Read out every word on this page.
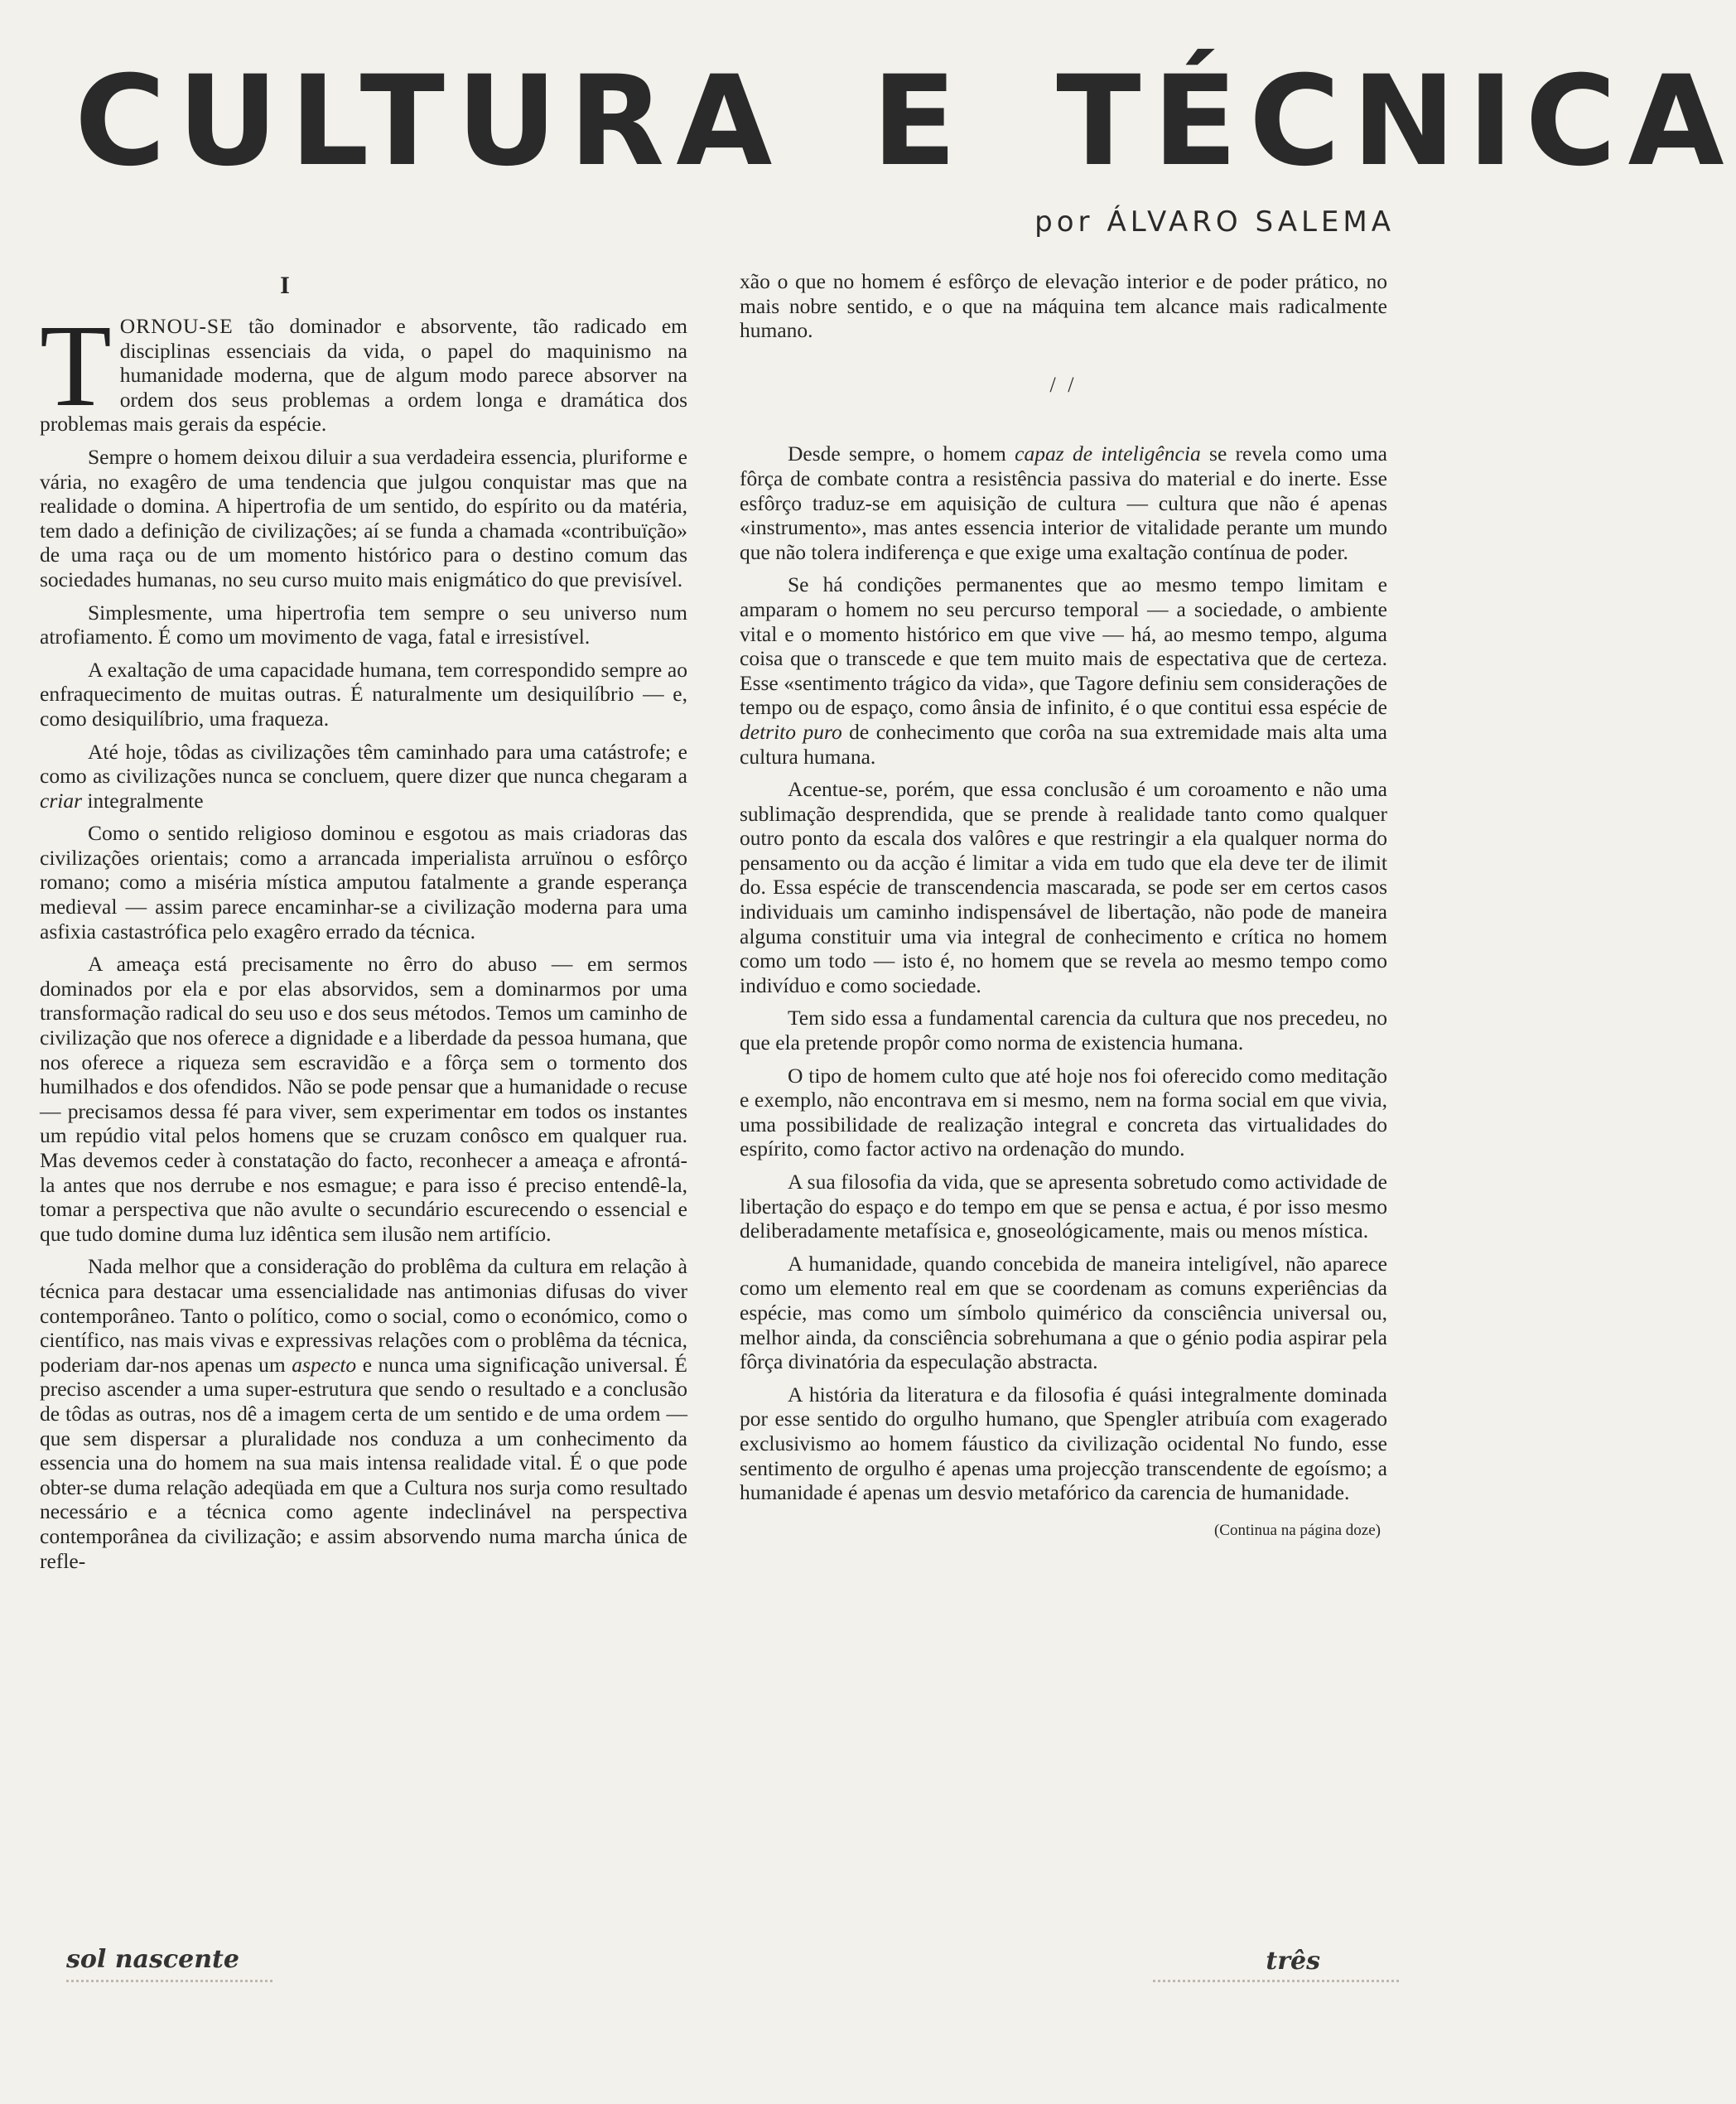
CULTURA E TÉCNICA
por ÁLVARO SALEMA
I

TORNOU-SE tão dominador e absorvente, tão radicado em disciplinas essenciais da vida, o papel do maquinismo na humanidade moderna, que de algum modo parece absorver na ordem dos seus problemas a ordem longa e dramática dos problemas mais gerais da espécie.

Sempre o homem deixou diluir a sua verdadeira essencia, pluriforme e vária, no exagêro de uma tendencia que julgou conquistar mas que na realidade o domina. A hipertrofia de um sentido, do espírito ou da matéria, tem dado a definição de civilizações; aí se funda a chamada «contribuïção» de uma raça ou de um momento histórico para o destino comum das sociedades humanas, no seu curso muito mais enigmático do que previsível.

Simplesmente, uma hipertrofia tem sempre o seu universo num atrofiamento. É como um movimento de vaga, fatal e irresistível.

A exaltação de uma capacidade humana, tem correspondido sempre ao enfraquecimento de muitas outras. É naturalmente um desiquilíbrio — e, como desiquilíbrio, uma fraqueza.

Até hoje, tôdas as civilizações têm caminhado para uma catástrofe; e como as civilizações nunca se concluem, quere dizer que nunca chegaram a criar integralmente

Como o sentido religioso dominou e esgotou as mais criadoras das civilizações orientais; como a arrancada imperialista arruïnou o esfôrço romano; como a miséria mística amputou fatalmente a grande esperança medieval — assim parece encaminhar-se a civilização moderna para uma asfixia castastrófica pelo exagêro errado da técnica.

A ameaça está precisamente no êrro do abuso — em sermos dominados por ela e por elas absorvidos, sem a dominarmos por uma transformação radical do seu uso e dos seus métodos. Temos um caminho de civilização que nos oferece a dignidade e a liberdade da pessoa humana, que nos oferece a riqueza sem escravidão e a fôrça sem o tormento dos humilhados e dos ofendidos. Não se pode pensar que a humanidade o recuse — precisamos dessa fé para viver, sem experimentar em todos os instantes um repúdio vital pelos homens que se cruzam conôsco em qualquer rua. Mas devemos ceder à constatação do facto, reconhecer a ameaça e afrontá-la antes que nos derrube e nos esmague; e para isso é preciso entendê-la, tomar a perspectiva que não avulte o secundário escurecendo o essencial e que tudo domine duma luz idêntica sem ilusão nem artifício.

Nada melhor que a consideração do problêma da cultura em relação à técnica para destacar uma essencialidade nas antimonias difusas do viver contemporâneo. Tanto o político, como o social, como o económico, como o científico, nas mais vivas e expressivas relações com o problêma da técnica, poderiam dar-nos apenas um aspecto e nunca uma significação universal. É preciso ascender a uma super-estrutura que sendo o resultado e a conclusão de tôdas as outras, nos dê a imagem certa de um sentido e de uma ordem — que sem dispersar a pluralidade nos conduza a um conhecimento da essencia una do homem na sua mais intensa realidade vital. É o que pode obter-se duma relação adeqüada em que a Cultura nos surja como resultado necessário e a técnica como agente indeclinável na perspectiva contemporânea da civilização; e assim absorvendo numa marcha única de refle-

xão o que no homem é esfôrço de elevação interior e de poder prático, no mais nobre sentido, e o que na máquina tem alcance mais radicalmente humano.

/ /

Desde sempre, o homem capaz de inteligência se revela como uma fôrça de combate contra a resistência passiva do material e do inerte. Esse esfôrço traduz-se em aquisição de cultura — cultura que não é apenas «instrumento», mas antes essencia interior de vitalidade perante um mundo que não tolera indiferença e que exige uma exaltação contínua de poder.

Se há condições permanentes que ao mesmo tempo limitam e amparam o homem no seu percurso temporal — a sociedade, o ambiente vital e o momento histórico em que vive — há, ao mesmo tempo, alguma coisa que o transcede e que tem muito mais de espectativa que de certeza. Esse «sentimento trágico da vida», que Tagore definiu sem considerações de tempo ou de espaço, como ânsia de infinito, é o que contitui essa espécie de detrito puro de conhecimento que corôa na sua extremidade mais alta uma cultura humana.

Acentue-se, porém, que essa conclusão é um coroamento e não uma sublimação desprendida, que se prende à realidade tanto como qualquer outro ponto da escala dos valôres e que restringir a ela qualquer norma do pensamento ou da acção é limitar a vida em tudo que ela deve ter de ilimit do. Essa espécie de transcendencia mascarada, se pode ser em certos casos individuais um caminho indispensável de libertação, não pode de maneira alguma constituir uma via integral de conhecimento e crítica no homem como um todo — isto é, no homem que se revela ao mesmo tempo como indivíduo e como sociedade.

Tem sido essa a fundamental carencia da cultura que nos precedeu, no que ela pretende propôr como norma de existencia humana.

O tipo de homem culto que até hoje nos foi oferecido como meditação e exemplo, não encontrava em si mesmo, nem na forma social em que vivia, uma possibilidade de realização integral e concreta das virtualidades do espírito, como factor activo na ordenação do mundo.

A sua filosofia da vida, que se apresenta sobretudo como actividade de libertação do espaço e do tempo em que se pensa e actua, é por isso mesmo deliberadamente metafísica e, gnoseológicamente, mais ou menos mística.

A humanidade, quando concebida de maneira inteligível, não aparece como um elemento real em que se coordenam as comuns experiências da espécie, mas como um símbolo quimérico da consciência universal ou, melhor ainda, da consciência sobrehumana a que o génio podia aspirar pela fôrça divinatória da especulação abstracta.

A história da literatura e da filosofia é quási integralmente dominada por esse sentido do orgulho humano, que Spengler atribuía com exagerado exclusivismo ao homem fáustico da civilização ocidental No fundo, esse sentimento de orgulho é apenas uma projecção transcendente de egoísmo; a humanidade é apenas um desvio metafórico da carencia de humanidade.

(Continua na página doze)
sol nascente	três
